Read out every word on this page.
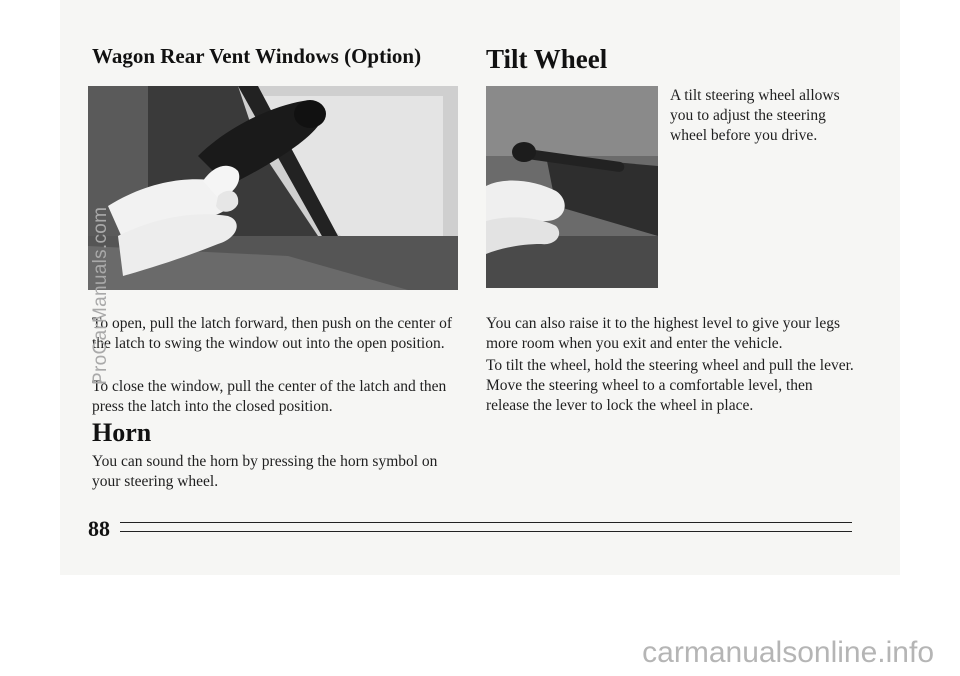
Wagon Rear Vent Windows (Option)

To open, pull the latch forward, then push on the center of the latch to swing the window out into the open position.

To close the window, pull the center of the latch and then press the latch into the closed position.

Horn

You can sound the horn by pressing the horn symbol on your steering wheel.

Tilt Wheel

A tilt steering wheel allows you to adjust the steering wheel before you drive.

You can also raise it to the highest level to give your legs more room when you exit and enter the vehicle.

To tilt the wheel, hold the steering wheel and pull the lever. Move the steering wheel to a comfortable level, then release the lever to lock the wheel in place.

88
ProCarManuals.com
carmanualsonline.info
